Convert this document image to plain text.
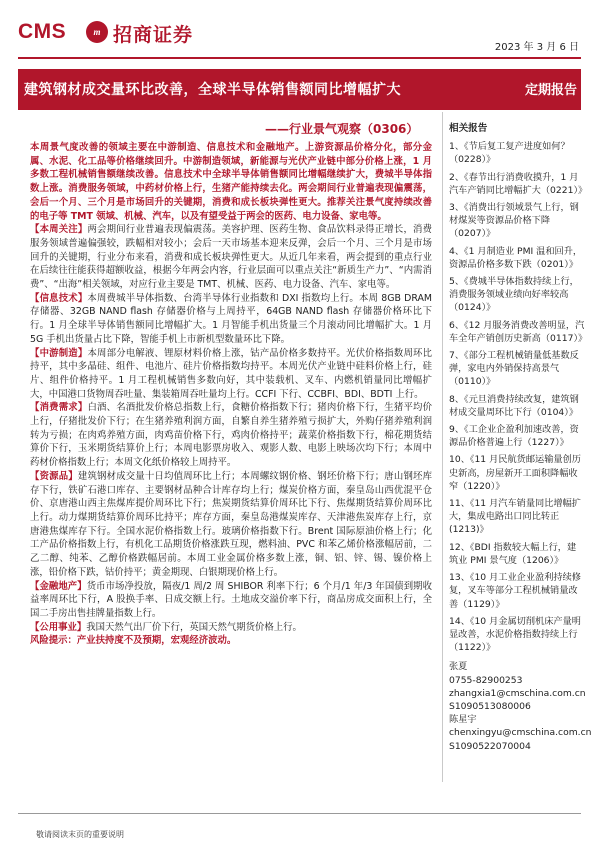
CMS	m 招商证券
2023 年 3 月 6 日
建筑钢材成交量环比改善，全球半导体销售额同比增幅扩大	定期报告
——行业景气观察（0306）

本周景气度改善的领域主要在中游制造、信息技术和金融地产。上游资源品价格分化，部分金属、水泥、化工品等价格继续回升。中游制造领域，新能源与光伏产业链中部分价格上涨，1 月多数工程机械销售额继续改善。信息技术中全球半导体销售额同比增幅继续扩大，费城半导体指数上涨。消费服务领域，中药材价格上行，生猪产能持续去化。两会期间行业普遍表现偏震荡，会后一个月、三个月是市场回升的关键期，消费和成长板块弹性更大。推荐关注景气度持续改善的电子等 TMT 领域、机械、汽车，以及有望受益于两会的医药、电力设备、家电等。

【本周关注】两会期间行业普遍表现偏震荡。美容护理、医药生物、食品饮料录得正增长，消费服务领域普遍偏强较，跌幅相对较小；会后一天市场基本迎来反弹，会后一个月、三个月是市场回升的关键期，行业分布来看，消费和成长板块弹性更大。从近几年来看，两会提到的重点行业在后续往往能获得超额收益，根据今年两会内容，行业层面可以重点关注“新质生产力”、“内需消费”、“出海”相关领域，对应行业主要是 TMT、机械、医药、电力设备、汽车、家电等。

【信息技术】本周费城半导体指数、台湾半导体行业指数和 DXI 指数均上行。本周 8GB DRAM 存储器、32GB NAND flash 存储器价格与上周持平，64GB NAND flash 存储器价格环比下行。1 月全球半导体销售额同比增幅扩大。1 月智能手机出货量三个月滚动同比增幅扩大。1 月 5G 手机出货量占比下降，智能手机上市新机型数量环比下降。

【中游制造】本周部分电解液、锂原材料价格上涨，钴产品价格多数持平。光伏价格指数周环比持平，其中多晶硅、组件、电池片、硅片价格指数均持平。本周光伏产业链中硅料价格上行，硅片、组件价格持平。1 月工程机械销售多数向好，其中装载机、叉车、内燃机销量同比增幅扩大，中国港口货物周吞吐量、集装箱周吞吐量均上行。CCFI 下行、CCBFI、BDI、BDTI 上行。

【消费需求】白酒、名酒批发价格总指数上行，食糖价格指数下行；猪肉价格下行，生猪平均价上行，仔猪批发价下行；在生猪养殖利润方面，自繁自养生猪养殖亏损扩大，外购仔猪养殖利润转为亏损；在肉鸡养殖方面，肉鸡苗价格下行，鸡肉价格持平；蔬菜价格指数下行，棉花期货结算价下行，玉米期货结算价上行；本周电影票房收入、观影人数、电影上映场次均下行；本周中药材价格指数上行；本周文化纸价格较上周持平。

【资源品】建筑钢材成交量十日均值周环比上行；本周螺纹钢价格、钢坯价格下行；唐山钢坯库存下行，铁矿石港口库存、主要钢材品种合计库存均上行；煤炭价格方面，秦皇岛山西优混平仓价、京唐港山西主焦煤库提价周环比下行；焦炭期货结算价周环比下行、焦煤期货结算价周环比上行。动力煤期货结算价周环比持平；库存方面，秦皇岛港煤炭库存、天津港焦炭库存上行，京唐港焦煤库存下行。全国水泥价格指数上行。玻璃价格指数下行。Brent 国际原油价格上行；化工产品价格指数上行，有机化工品期货价格涨跌互现，燃料油、PVC 和苯乙烯价格涨幅居前，二乙二醇、纯苯、乙醇价格跌幅居前。本周工业金属价格多数上涨，铜、铝、锌、锡、镍价格上涨，铅价格下跌，钴价持平；黄金期现、白银期现价格上行。

【金融地产】货币市场净投放，隔夜/1 周/2 周 SHIBOR 利率下行；6 个月/1 年/3 年国债到期收益率周环比下行，A 股换手率、日成交额上行。土地成交溢价率下行，商品房成交面积上行，全国二手房出售挂牌量指数上行。

【公用事业】我国天然气出厂价下行，英国天然气期货价格上行。

风险提示：产业扶持度不及预期，宏观经济波动。

相关报告
1、《节后复工复产进度如何？（0228）》
2、《春节出行消费收摸升，1 月汽车产销同比增幅扩大（0221）》
3、《消费出行领域景气上行，钢材煤炭等资源品价格下降（0207）》
4、《1 月制造业 PMI 温和回升，资源品价格多数下跌（0201）》
5、《费城半导体指数持续上行，消费服务领域业绩向好率较高（0124）》
6、《12 月服务消费改善明显，汽车全年产销创历史新高（0117）》
7、《部分工程机械销量低基数反弹，家电内外销保持高景气（0110）》
8、《元旦消费持续改复，建筑钢材成交量周环比下行（0104）》
9、《工企业企盈利加速改善，资源品价格普遍上行（1227）》
10、《11 月民航货邮运输量创历史新高，房屋新开工面积降幅收窄（1220）》
11、《11 月汽车销量同比增幅扩大，集成电路出口同比转正(1213)》
12、《BDI 指数较大幅上行，建筑业 PMI 景气度（1206）》
13、《10 月工业企业盈利持续修复，叉车等部分工程机械销量改善（1129）》
14、《10 月金属切削机床产量明显改善，水泥价格指数持续上行（1122）》
张夏
0755-82900253
zhangxia1@cmschina.com.cn
S1090513080006
陈星宇
chenxingyu@cmschina.com.cn
S1090522070004
敬请阅读末页的重要说明
